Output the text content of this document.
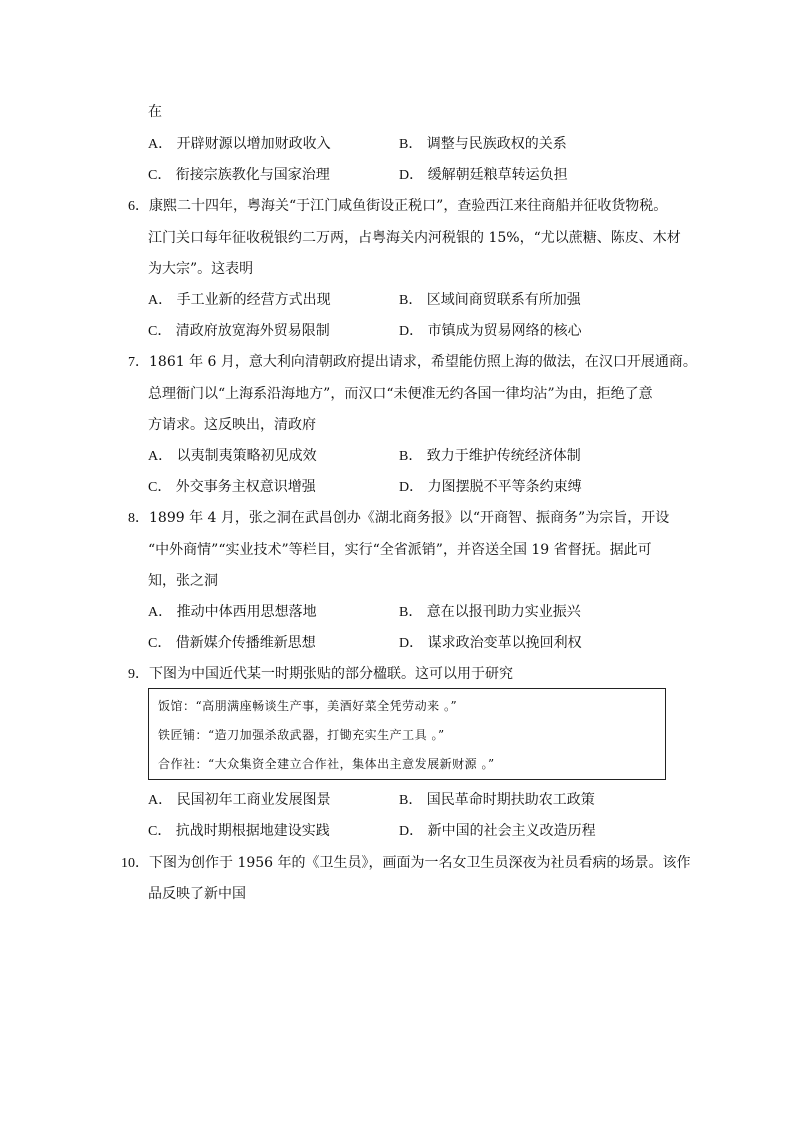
在
A． 开辟财源以增加财政收入	B． 调整与民族政权的关系
C． 衔接宗族教化与国家治理	D． 缓解朝廷粮草转运负担
6．康熙二十四年，粤海关“于江门咸鱼街设正税口”，查验西江来往商船并征收货物税。
江门关口每年征收税银约二万两，占粤海关内河税银的 15%，“尤以蔗糖、陈皮、木材
为大宗”。这表明
A． 手工业新的经营方式出现	B． 区域间商贸联系有所加强
C． 清政府放宽海外贸易限制	D． 市镇成为贸易网络的核心
7．1861 年 6 月，意大利向清朝政府提出请求，希望能仿照上海的做法，在汉口开展通商。
总理衙门以“上海系沿海地方”，而汉口“未便准无约各国一律均沾”为由，拒绝了意
方请求。这反映出，清政府
A． 以夷制夷策略初见成效	B． 致力于维护传统经济体制
C． 外交事务主权意识增强	D． 力图摆脱不平等条约束缚
8．1899 年 4 月，张之洞在武昌创办《湖北商务报》以“开商智、振商务”为宗旨，开设
“中外商情”“实业技术”等栏目，实行“全省派销”，并咨送全国 19 省督抚。据此可
知，张之洞
A． 推动中体西用思想落地	B． 意在以报刊助力实业振兴
C． 借新媒介传播维新思想	D． 谋求政治变革以挽回利权
9．下图为中国近代某一时期张贴的部分楹联。这可以用于研究
饭馆：“高朋满座畅谈生产事，美酒好菜全凭劳动来 。”
铁匠铺：“造刀加强杀敌武器，打锄充实生产工具 。”
合作社：“大众集资全建立合作社，集体出主意发展新财源 。”
A． 民国初年工商业发展图景	B． 国民革命时期扶助农工政策
C． 抗战时期根据地建设实践	D． 新中国的社会主义改造历程
10．下图为创作于 1956 年的《卫生员》，画面为一名女卫生员深夜为社员看病的场景。该作
品反映了新中国
